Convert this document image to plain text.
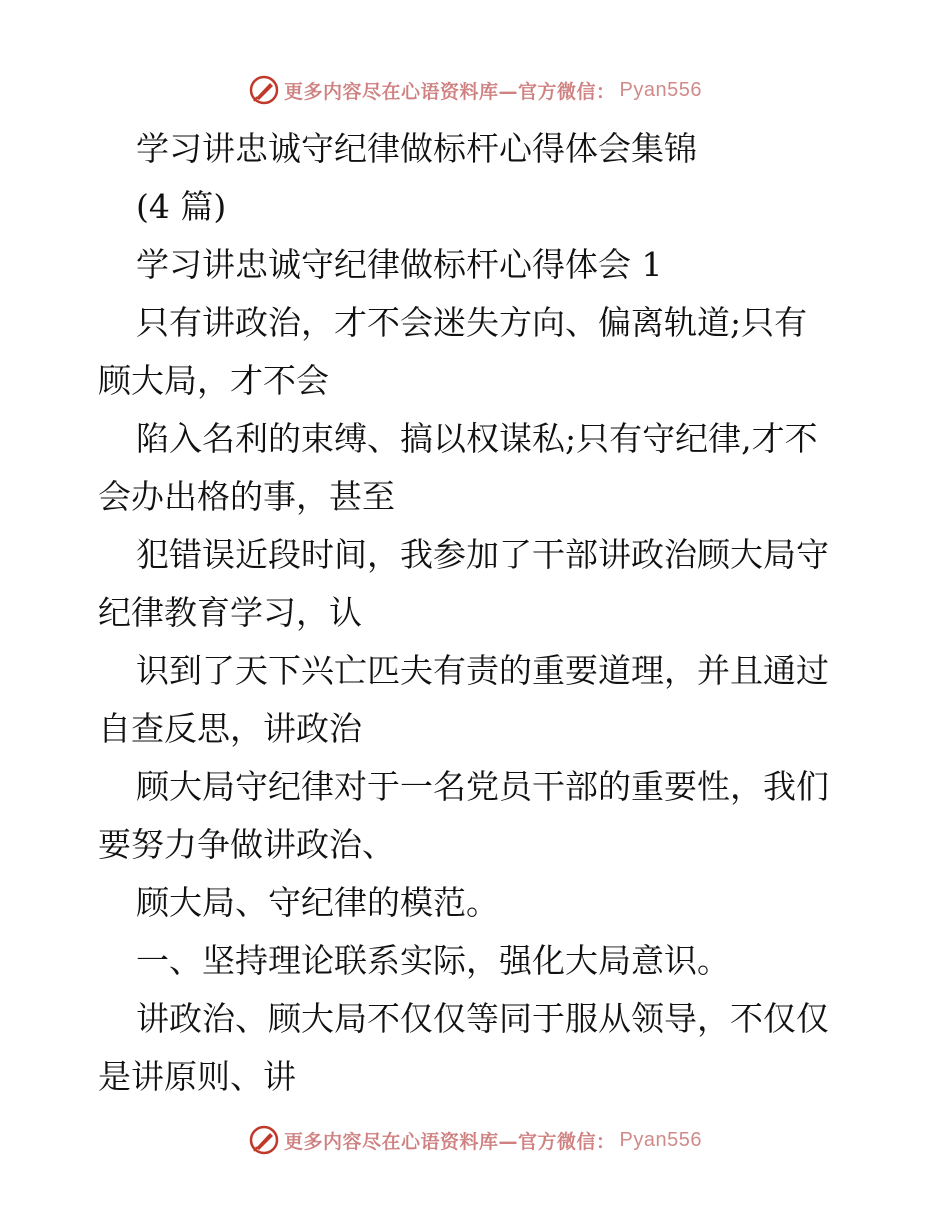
更多内容尽在心语资料库—官方微信： Pyan556
学习讲忠诚守纪律做标杆心得体会集锦
(4 篇)
学习讲忠诚守纪律做标杆心得体会 1
只有讲政治，才不会迷失方向、偏离轨道;只有
顾大局，才不会
陷入名利的束缚、搞以权谋私;只有守纪律,才不
会办出格的事，甚至
犯错误近段时间，我参加了干部讲政治顾大局守
纪律教育学习，认
识到了天下兴亡匹夫有责的重要道理，并且通过
自查反思，讲政治
顾大局守纪律对于一名党员干部的重要性，我们
要努力争做讲政治、
顾大局、守纪律的模范。
一、坚持理论联系实际，强化大局意识。
讲政治、顾大局不仅仅等同于服从领导，不仅仅
是讲原则、讲
更多内容尽在心语资料库—官方微信： Pyan556
